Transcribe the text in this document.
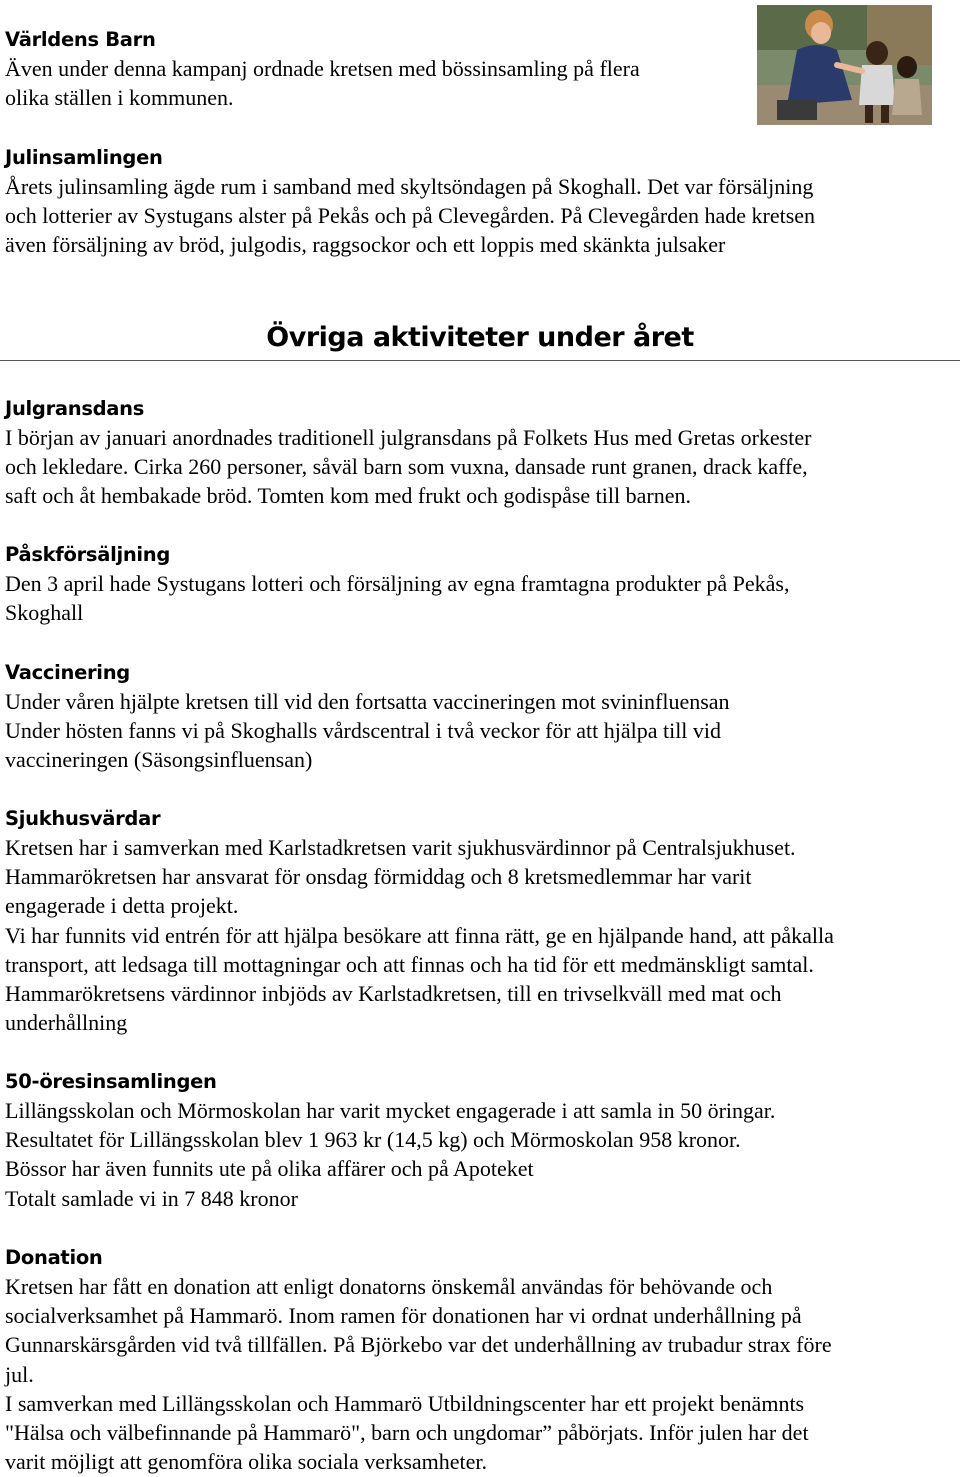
Världens Barn
Även under denna kampanj ordnade kretsen med bössinsamling på flera
olika ställen i kommunen.
Julinsamlingen
Årets julinsamling ägde rum i samband med skyltsöndagen på Skoghall. Det var försäljning
och lotterier av Systugans alster på Pekås och på Clevegården. På Clevegården hade kretsen
även försäljning av bröd, julgodis, raggsockor och ett loppis med skänkta julsaker
Övriga aktiviteter under året
Julgransdans
I början av januari anordnades traditionell julgransdans på Folkets Hus med Gretas orkester
och lekledare. Cirka 260 personer, såväl barn som vuxna, dansade runt granen, drack kaffe,
saft och åt hembakade bröd. Tomten kom med frukt och godispåse till barnen.
Påskförsäljning
Den 3 april hade Systugans lotteri och försäljning av egna framtagna produkter på Pekås,
Skoghall
Vaccinering
Under våren hjälpte kretsen till vid den fortsatta vaccineringen mot svininfluensan
Under hösten fanns vi på Skoghalls vårdscentral i två veckor för att hjälpa till vid
vaccineringen (Säsongsinfluensan)
Sjukhusvärdar
Kretsen har i samverkan med Karlstadkretsen varit sjukhusvärdinnor på Centralsjukhuset.
Hammarökretsen har ansvarat för onsdag förmiddag och 8 kretsmedlemmar har varit
engagerade i detta projekt.
Vi har funnits vid entrén för att hjälpa besökare att finna rätt, ge en hjälpande hand, att påkalla
transport, att ledsaga till mottagningar och att finnas och ha tid för ett medmänskligt samtal.
Hammarökretsens värdinnor inbjöds av Karlstadkretsen, till en trivselkväll med mat och
underhållning
50-öresinsamlingen
Lillängsskolan och Mörmoskolan har varit mycket engagerade i att samla in 50 öringar.
Resultatet för Lillängsskolan blev 1 963 kr (14,5 kg) och Mörmoskolan 958 kronor.
Bössor har även funnits ute på olika affärer och på Apoteket
Totalt samlade vi in 7 848 kronor
Donation
Kretsen har fått en donation att enligt donatorns önskemål användas för behövande och
socialverksamhet på Hammarö. Inom ramen för donationen har vi ordnat underhållning på
Gunnarskärsgården vid två tillfällen. På Björkebo var det underhållning av trubadur strax före
jul.
I samverkan med Lillängsskolan och Hammarö Utbildningscenter har ett projekt benämnts
"Hälsa och välbefinnande på Hammarö", barn och ungdomar” påbörjats. Inför julen har det
varit möjligt att genomföra olika sociala verksamheter.
